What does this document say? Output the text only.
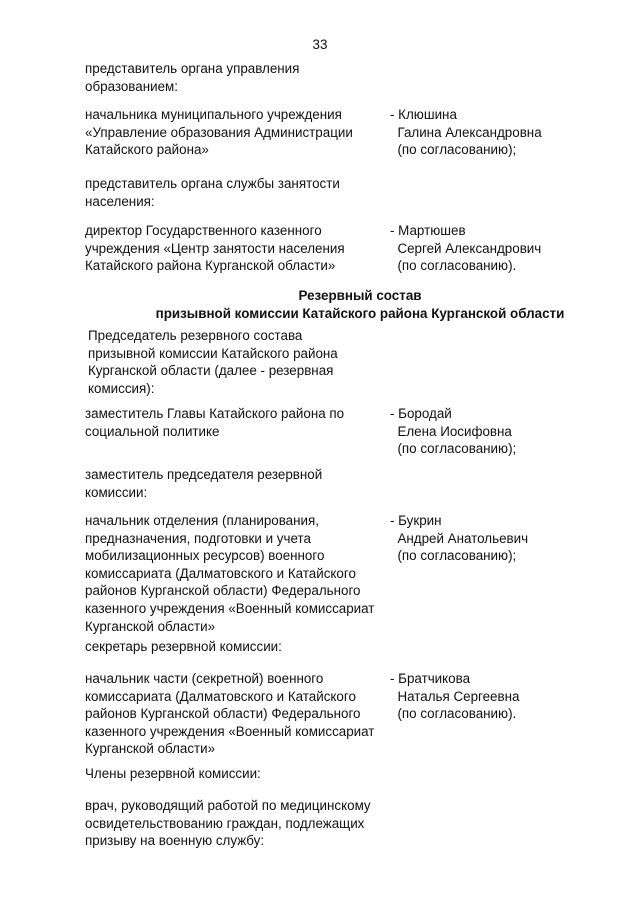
33
представитель органа управления
образованием:
начальника муниципального учреждения
«Управление образования Администрации
Катайского района»
- Клюшина
Галина Александровна
(по согласованию);
представитель органа службы занятости
населения:
директор Государственного казенного
учреждения «Центр занятости населения
Катайского района Курганской области»
- Мартюшев
Сергей Александрович
(по согласованию).
Резервный состав
призывной комиссии Катайского района Курганской области
Председатель резервного состава
призывной комиссии Катайского района
Курганской области (далее - резервная
комиссия):
заместитель Главы Катайского района по
социальной политике
- Бородай
Елена Иосифовна
(по согласованию);
заместитель председателя резервной
комиссии:
начальник отделения (планирования,
предназначения, подготовки и учета
мобилизационных ресурсов) военного
комиссариата (Далматовского и Катайского
районов Курганской области) Федерального
казенного учреждения «Военный комиссариат
Курганской области»
- Букрин
Андрей Анатольевич
(по согласованию);
секретарь резервной комиссии:
начальник части (секретной) военного
комиссариата (Далматовского и Катайского
районов Курганской области) Федерального
казенного учреждения «Военный комиссариат
Курганской области»
- Братчикова
Наталья Сергеевна
(по согласованию).
Члены резервной комиссии:
врач, руководящий работой по медицинскому
освидетельствованию граждан, подлежащих
призыву на военную службу:
